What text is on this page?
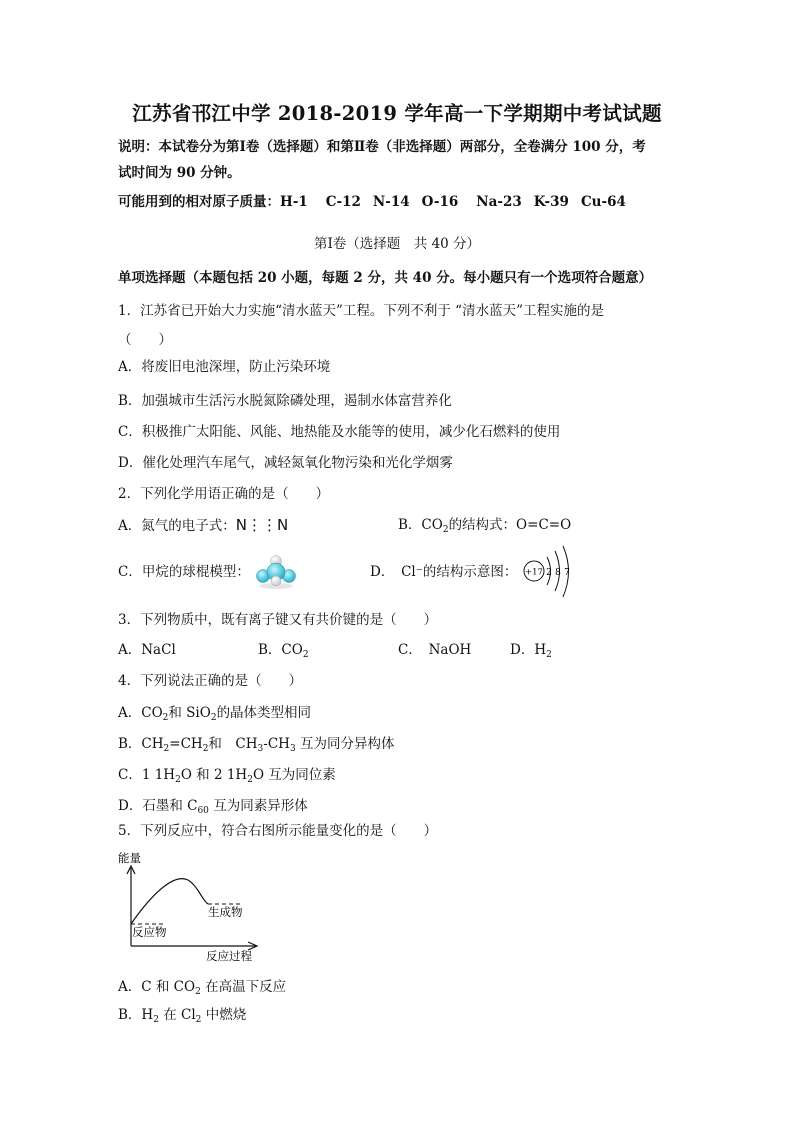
江苏省邗江中学 2018-2019 学年高一下学期期中考试试题
说明：本试卷分为第Ⅰ卷（选择题）和第Ⅱ卷（非选择题）两部分，全卷满分 100 分，考
试时间为 90 分钟。
可能用到的相对原子质量：H-1 C-12 N-14 O-16 Na-23 K-39 Cu-64
第Ⅰ卷（选择题　共 40 分）
单项选择题（本题包括 20 小题，每题 2 分，共 40 分。每小题只有一个选项符合题意）
1．江苏省已开始大力实施“清水蓝天”工程。下列不利于 “清水蓝天”工程实施的是
（　　）
A．将废旧电池深埋，防止污染环境
B．加强城市生活污水脱氮除磷处理，遏制水体富营养化
C．积极推广太阳能、风能、地热能及水能等的使用，减少化石燃料的使用
D．催化处理汽车尾气，减轻氮氧化物污染和光化学烟雾
2．下列化学用语正确的是（　　）
A．氮气的电子式：N⋮⋮N	B．$CO_2$的结构式：O=C=O
C．甲烷的球棍模型：	D．　Cl⁻的结构示意图： +17 2 8 7
3．下列物质中，既有离子键又有共价键的是（　　）
A．NaCl	B．$CO_2$	C．　NaOH	D．$H_2$
4．下列说法正确的是（　　）
A．$CO_2$和 SiO$_2$的晶体类型相同
B．$CH_2=CH_2$和　$CH_3-CH_3$ 互为同分异构体
C．1 $1H_2O$ 和 2 $1H_2O$ 互为同位素
D．石墨和 $C_{60}$ 互为同素异形体
5．下列反应中，符合右图所示能量变化的是（　　）
能量
生成物
反应物
反应过程
A．C 和 $CO_2$ 在高温下反应
B．$H_2$ 在 $Cl_2$ 中燃烧
